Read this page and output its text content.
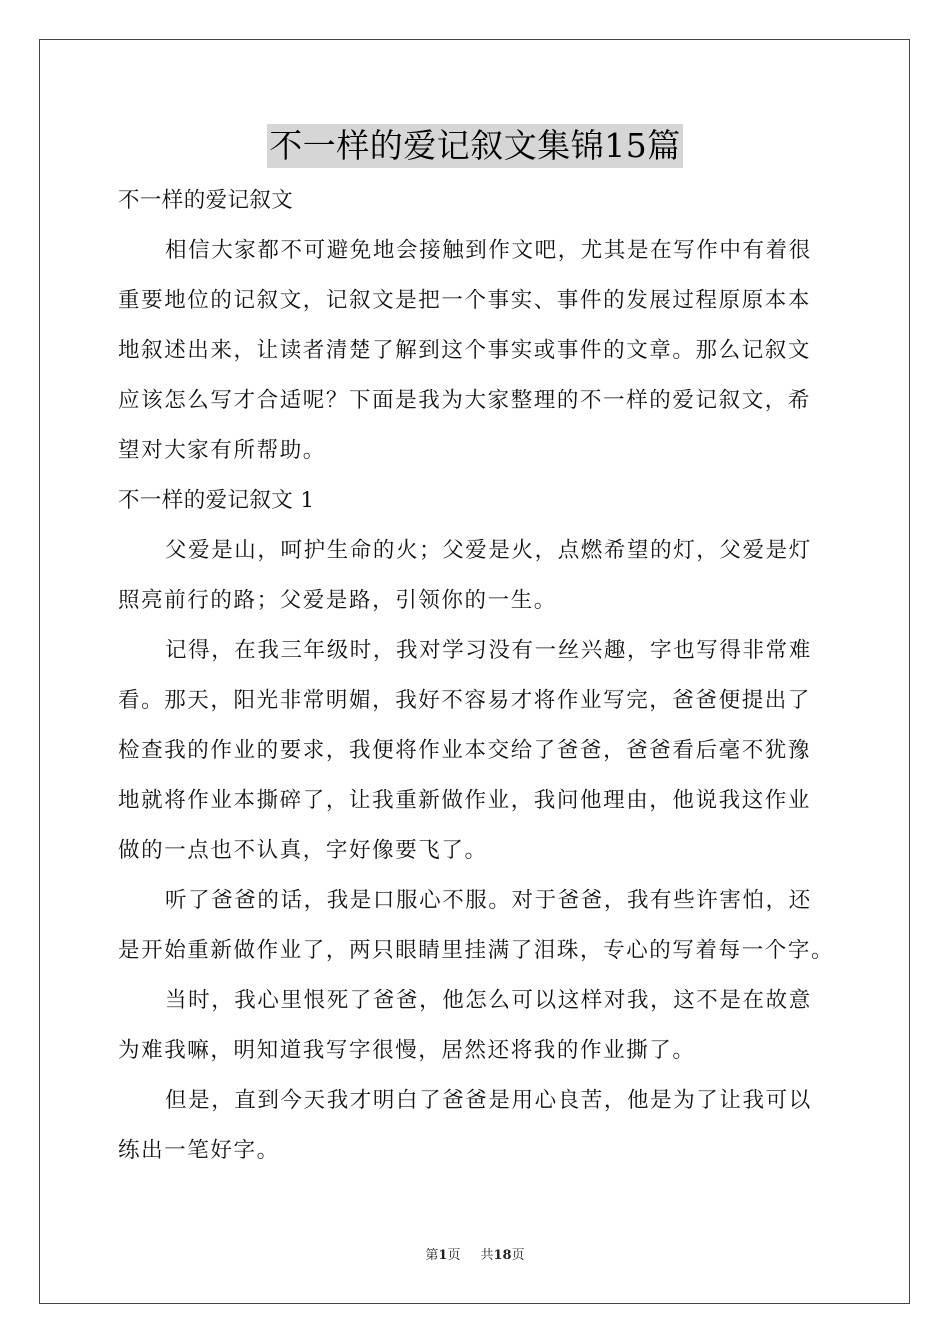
不一样的爱记叙文集锦15篇
不一样的爱记叙文
相信大家都不可避免地会接触到作文吧，尤其是在写作中有着很
重要地位的记叙文，记叙文是把一个事实、事件的发展过程原原本本
地叙述出来，让读者清楚了解到这个事实或事件的文章。那么记叙文
应该怎么写才合适呢？下面是我为大家整理的不一样的爱记叙文，希
望对大家有所帮助。
不一样的爱记叙文 1
父爱是山，呵护生命的火；父爱是火，点燃希望的灯，父爱是灯
照亮前行的路；父爱是路，引领你的一生。
记得，在我三年级时，我对学习没有一丝兴趣，字也写得非常难
看。那天，阳光非常明媚，我好不容易才将作业写完，爸爸便提出了
检查我的作业的要求，我便将作业本交给了爸爸，爸爸看后毫不犹豫
地就将作业本撕碎了，让我重新做作业，我问他理由，他说我这作业
做的一点也不认真，字好像要飞了。
听了爸爸的话，我是口服心不服。对于爸爸，我有些许害怕，还
是开始重新做作业了，两只眼睛里挂满了泪珠，专心的写着每一个字。
当时，我心里恨死了爸爸，他怎么可以这样对我，这不是在故意
为难我嘛，明知道我写字很慢，居然还将我的作业撕了。
但是，直到今天我才明白了爸爸是用心良苦，他是为了让我可以
练出一笔好字。
第1页 共18页
